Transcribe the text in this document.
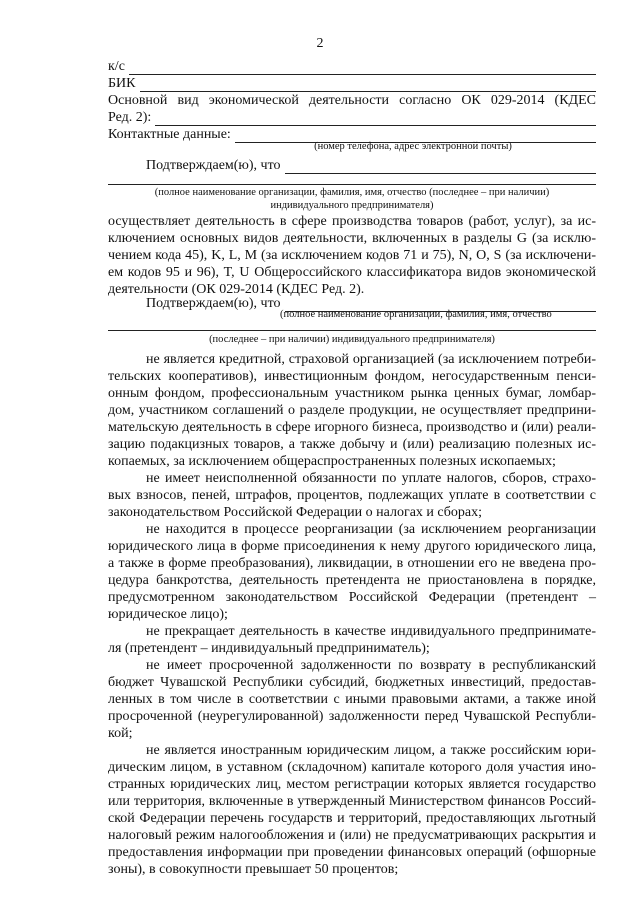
2
к/с
БИК
Основной вид экономической деятельности согласно ОК 029-2014 (КДЕС
Ред. 2):
Контактные данные:
(номер телефона, адрес электронной почты)
Подтверждаем(ю), что
(полное наименование организации, фамилия, имя, отчество (последнее – при наличии)
индивидуального предпринимателя)
осуществляет деятельность в сфере производства товаров (работ, услуг), за ис-
ключением основных видов деятельности, включенных в разделы G (за исклю-
чением кода 45), K, L, M (за исключением кодов 71 и 75), N, O, S (за исключени-
ем кодов 95 и 96), T, U Общероссийского классификатора видов экономической
деятельности (ОК 029-2014 (КДЕС Ред. 2).
Подтверждаем(ю), что
(полное наименование организации, фамилия, имя, отчество
(последнее – при наличии) индивидуального предпринимателя)
не является кредитной, страховой организацией (за исключением потреби-
тельских кооперативов), инвестиционным фондом, негосударственным пенси-
онным фондом, профессиональным участником рынка ценных бумаг, ломбар-
дом, участником соглашений о разделе продукции, не осуществляет предприни-
мательскую деятельность в сфере игорного бизнеса, производство и (или) реали-
зацию подакцизных товаров, а также добычу и (или) реализацию полезных ис-
копаемых, за исключением общераспространенных полезных ископаемых;
не имеет неисполненной обязанности по уплате налогов, сборов, страхо-
вых взносов, пеней, штрафов, процентов, подлежащих уплате в соответствии с
законодательством Российской Федерации о налогах и сборах;
не находится в процессе реорганизации (за исключением реорганизации
юридического лица в форме присоединения к нему другого юридического лица,
а также в форме преобразования), ликвидации, в отношении его не введена про-
цедура банкротства, деятельность претендента не приостановлена в порядке,
предусмотренном законодательством Российской Федерации (претендент –
юридическое лицо);
не прекращает деятельность в качестве индивидуального предпринимате-
ля (претендент – индивидуальный предприниматель);
не имеет просроченной задолженности по возврату в республиканский
бюджет Чувашской Республики субсидий, бюджетных инвестиций, предостав-
ленных в том числе в соответствии с иными правовыми актами, а также иной
просроченной (неурегулированной) задолженности перед Чувашской Республи-
кой;
не является иностранным юридическим лицом, а также российским юри-
дическим лицом, в уставном (складочном) капитале которого доля участия ино-
странных юридических лиц, местом регистрации которых является государство
или территория, включенные в утвержденный Министерством финансов Россий-
ской Федерации перечень государств и территорий, предоставляющих льготный
налоговый режим налогообложения и (или) не предусматривающих раскрытия и
предоставления информации при проведении финансовых операций (офшорные
зоны), в совокупности превышает 50 процентов;
